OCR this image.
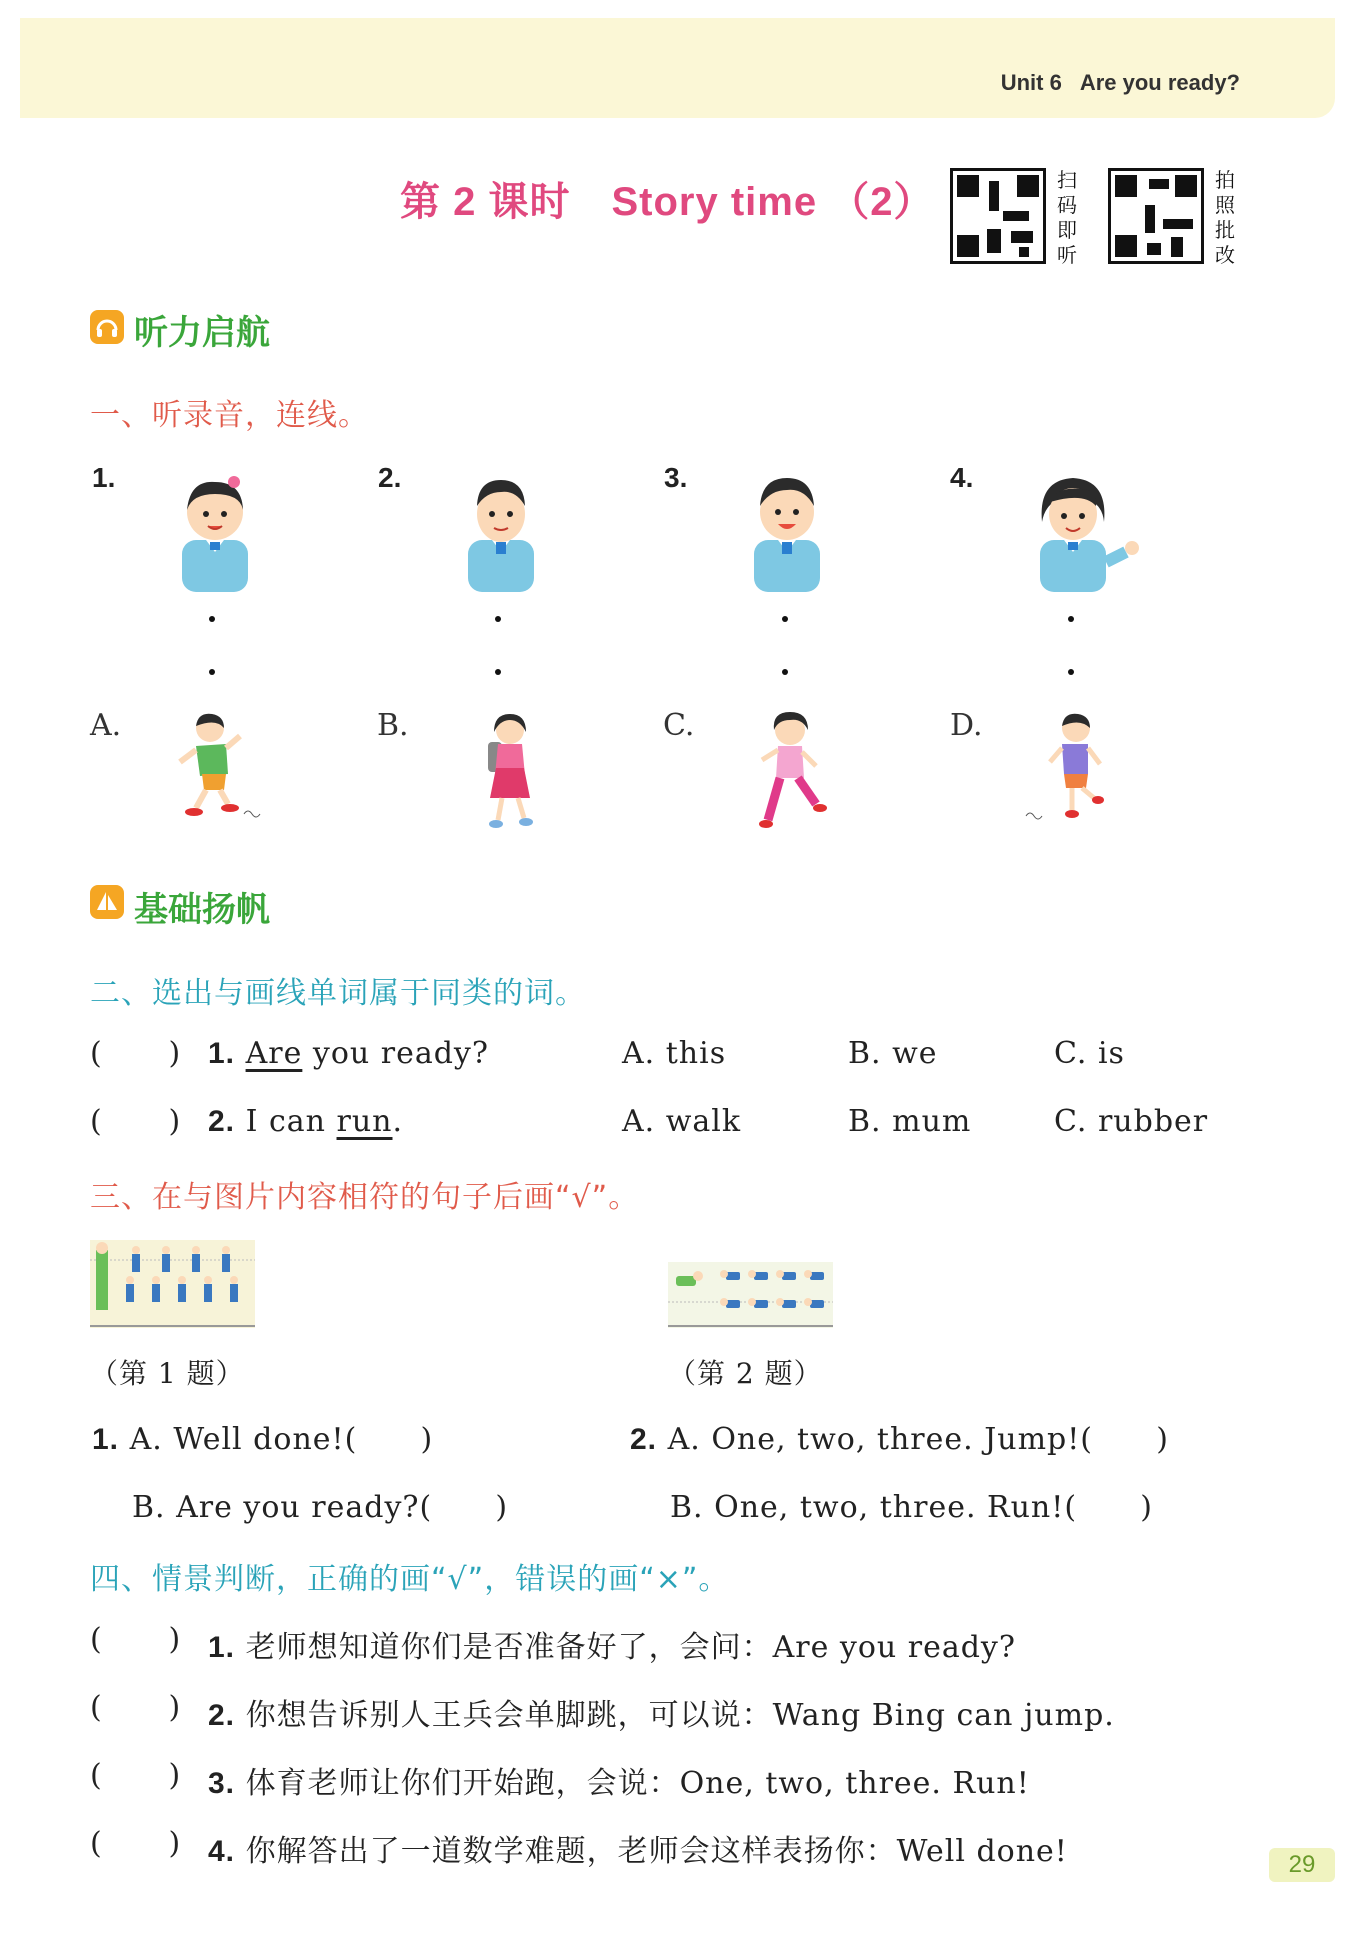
Unit 6 Are you ready?
第 2 课时　Story time （2）	扫
码
即
听
拍
照
批
改
听力启航
一、听录音，连线。
1.	2.	3.	4.
A.	B.	C.	D.
基础扬帆
二、选出与画线单词属于同类的词。
(       ) 1. Are you ready?	A. this	B. we	C. is
(       ) 2. I can run.	A. walk	B. mum	C. rubber
三、在与图片内容相符的句子后画“√”。
（第 1 题）	（第 2 题）
1. A. Well done!(      )
B. Are you ready?(      )
2. A. One, two, three. Jump!(      )
B. One, two, three. Run!(      )
四、情景判断，正确的画“√”，错误的画“×”。
(       ) 1. 老师想知道你们是否准备好了，会问：Are you ready?
(       ) 2. 你想告诉别人王兵会单脚跳，可以说：Wang Bing can jump.
(       ) 3. 体育老师让你们开始跑，会说：One, two, three. Run!
(       ) 4. 你解答出了一道数学难题，老师会这样表扬你：Well done!	29
